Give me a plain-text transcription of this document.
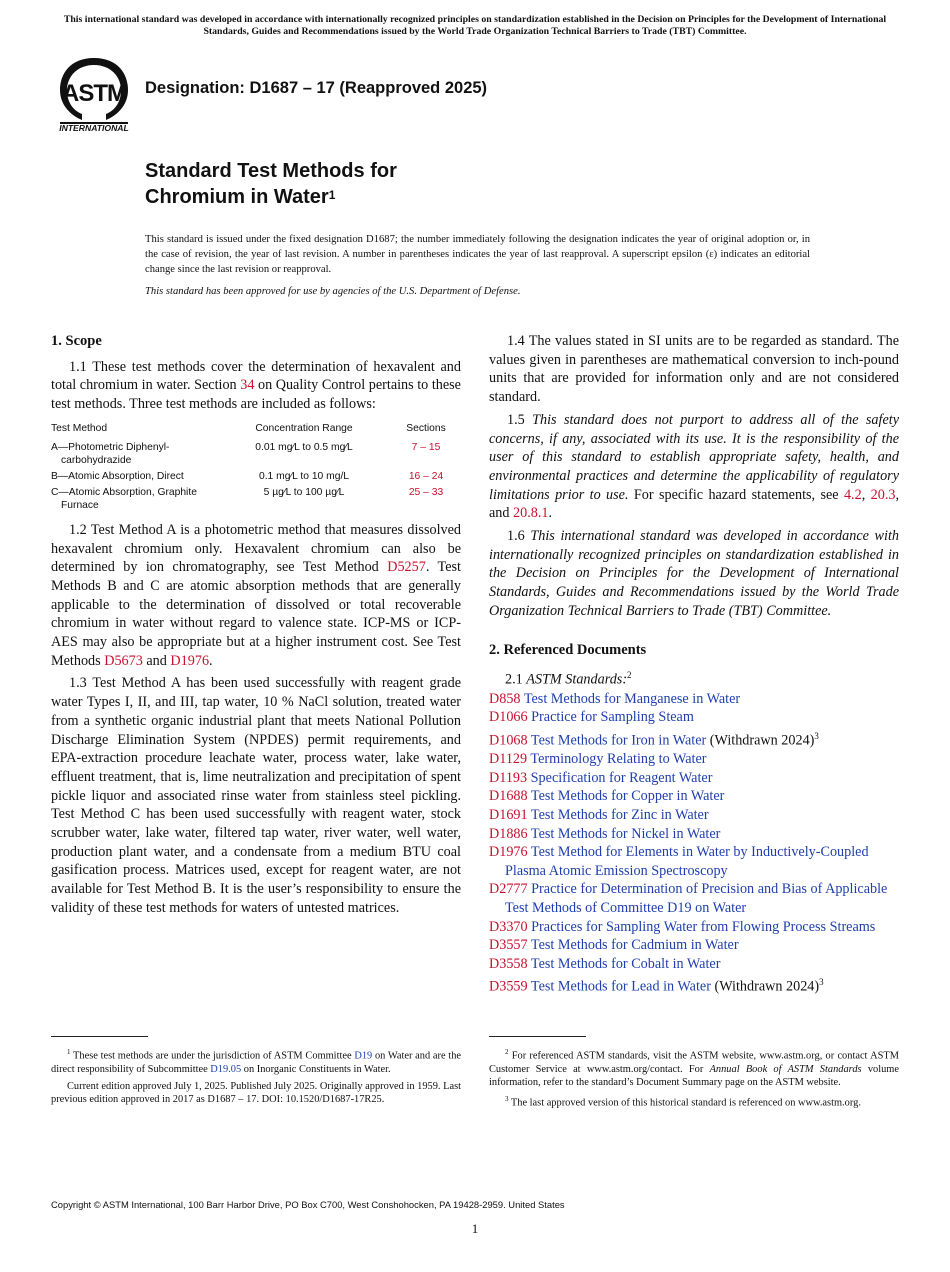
This international standard was developed in accordance with internationally recognized principles on standardization established in the Decision on Principles for the Development of International Standards, Guides and Recommendations issued by the World Trade Organization Technical Barriers to Trade (TBT) Committee.
ASTM
INTERNATIONAL
Designation: D1687 – 17 (Reapproved 2025)
Standard Test Methods for
Chromium in Water$^1$
This standard is issued under the fixed designation D1687; the number immediately following the designation indicates the year of original adoption or, in the case of revision, the year of last revision. A number in parentheses indicates the year of last reapproval. A superscript epsilon (ε) indicates an editorial change since the last revision or reapproval.
This standard has been approved for use by agencies of the U.S. Department of Defense.
1. Scope

1.1 These test methods cover the determination of hexavalent and total chromium in water. Section 34 on Quality Control pertains to these test methods. Three test methods are included as follows:

Test Method	Concentration Range	Sections

A—Photometric Diphenyl-carbohydrazide	0.01 mg⁄L to 0.5 mg⁄L	7 – 15

B—Atomic Absorption, Direct	0.1 mg⁄L to 10 mg/L	16 – 24

C—Atomic Absorption, Graphite Furnace	5 µg⁄L to 100 µg⁄L	25 – 33

1.2 Test Method A is a photometric method that measures dissolved hexavalent chromium only. Hexavalent chromium can also be determined by ion chromatography, see Test Method D5257. Test Methods B and C are atomic absorption methods that are generally applicable to the determination of dissolved or total recoverable chromium in water without regard to valence state. ICP-MS or ICP-AES may also be appropriate but at a higher instrument cost. See Test Methods D5673 and D1976.

1.3 Test Method A has been used successfully with reagent grade water Types I, II, and III, tap water, 10 % NaCl solution, treated water from a synthetic organic industrial plant that meets National Pollution Discharge Elimination System (NPDES) permit requirements, and EPA-extraction procedure leachate water, process water, lake water, effluent treatment, that is, lime neutralization and precipitation of spent pickle liquor and associated rinse water from stainless steel pickling. Test Method C has been used successfully with reagent water, stock scrubber water, lake water, filtered tap water, river water, well water, production plant water, and a condensate from a medium BTU coal gasification process. Matrices used, except for reagent water, are not available for Test Method B. It is the user’s responsibility to ensure the validity of these test methods for waters of untested matrices.

1.4 The values stated in SI units are to be regarded as standard. The values given in parentheses are mathematical conversion to inch-pound units that are provided for information only and are not considered standard.

1.5 This standard does not purport to address all of the safety concerns, if any, associated with its use. It is the responsibility of the user of this standard to establish appropriate safety, health, and environmental practices and determine the applicability of regulatory limitations prior to use. For specific hazard statements, see 4.2, 20.3, and 20.8.1.

1.6 This international standard was developed in accordance with internationally recognized principles on standardization established in the Decision on Principles for the Development of International Standards, Guides and Recommendations issued by the World Trade Organization Technical Barriers to Trade (TBT) Committee.

2. Referenced Documents

2.1 ASTM Standards:$^2$

D858 Test Methods for Manganese in Water
D1066 Practice for Sampling Steam
D1068 Test Methods for Iron in Water (Withdrawn 2024)$^3$
D1129 Terminology Relating to Water
D1193 Specification for Reagent Water
D1688 Test Methods for Copper in Water
D1691 Test Methods for Zinc in Water
D1886 Test Methods for Nickel in Water
D1976 Test Method for Elements in Water by Inductively-Coupled Plasma Atomic Emission Spectroscopy
D2777 Practice for Determination of Precision and Bias of Applicable Test Methods of Committee D19 on Water
D3370 Practices for Sampling Water from Flowing Process Streams
D3557 Test Methods for Cadmium in Water
D3558 Test Methods for Cobalt in Water
D3559 Test Methods for Lead in Water (Withdrawn 2024)$^3$

$^1$ These test methods are under the jurisdiction of ASTM Committee D19 on Water and are the direct responsibility of Subcommittee D19.05 on Inorganic Constituents in Water.

Current edition approved July 1, 2025. Published July 2025. Originally approved in 1959. Last previous edition approved in 2017 as D1687 – 17. DOI: 10.1520/D1687-17R25.

$^2$ For referenced ASTM standards, visit the ASTM website, www.astm.org, or contact ASTM Customer Service at www.astm.org/contact. For Annual Book of ASTM Standards volume information, refer to the standard’s Document Summary page on the ASTM website.

$^3$ The last approved version of this historical standard is referenced on www.astm.org.

Copyright © ASTM International, 100 Barr Harbor Drive, PO Box C700, West Conshohocken, PA 19428-2959. United States
1
